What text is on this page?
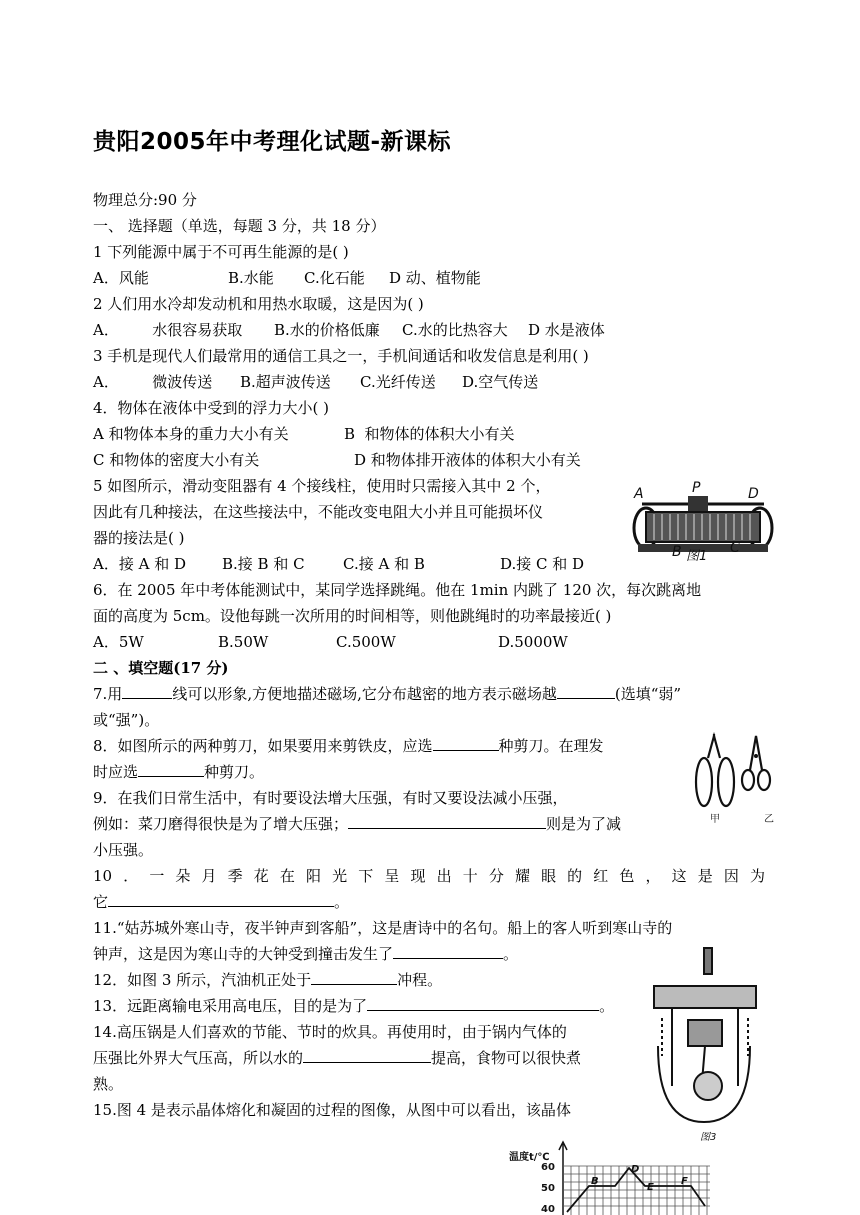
贵阳2005年中考理化试题-新课标
物理总分:90 分
一、 选择题（单选，每题 3 分，共 18 分）
1 下列能源中属于不可再生能源的是( )
A．风能	B.水能 C.化石能 D 动、植物能
2 人们用水冷却发动机和用热水取暖，这是因为( )
A．       水很容易获取 B.水的价格低廉 C.水的比热容大 D 水是液体
3 手机是现代人们最常用的通信工具之一，手机间通话和收发信息是利用( )
A．       微波传送 B.超声波传送 C.光纤传送 D.空气传送
4．物体在液体中受到的浮力大小( )
A 和物体本身的重力大小有关	B  和物体的体积大小有关
C 和物体的密度大小有关	D 和物体排开液体的体积大小有关
5 如图所示，滑动变阻器有 4 个接线柱，使用时只需接入其中 2 个，
因此有几种接法，在这些接法中，不能改变电阻大小并且可能损坏仪
器的接法是( )
A．接 A 和 D B.接 B 和 C	C.接 A 和 B	D.接 C 和 D
A	P	D
B 图1
C
6．在 2005 年中考体能测试中，某同学选择跳绳。他在 1min 内跳了 120 次，每次跳离地
面的高度为 5cm。设他每跳一次所用的时间相等，则他跳绳时的功率最接近( )
A．5W	B.50W	C.500W	D.5000W
二 、填空题(17 分)
7.用	线可以形象,方便地描述磁场,它分布越密的地方表示磁场越	(选填“弱”
或“强”)。
8．如图所示的两种剪刀，如果要用来剪铁皮，应选	种剪刀。在理发
时应选	种剪刀。
甲	乙
9．在我们日常生活中，有时要设法增大压强，有时又要设法减小压强，
例如：菜刀磨得很快是为了增大压强；	则是为了减
小压强。
10．一朵月季花在阳光下呈现出十分耀眼的红色，这是因为
它	。
11.“姑苏城外寒山寺，夜半钟声到客船”，这是唐诗中的名句。船上的客人听到寒山寺的
钟声，这是因为寒山寺的大钟受到撞击发生了	。
12．如图 3 所示，汽油机正处于	冲程。
13．远距离输电采用高电压，目的是为了	。
14.高压锅是人们喜欢的节能、节时的炊具。再使用时，由于锅内气体的
压强比外界大气压高，所以水的	提高，食物可以很快煮
熟。
15.图 4 是表示晶体熔化和凝固的过程的图像，从图中可以看出，该晶体
图3
温度t/℃
60
50
40
B
D
E
F
